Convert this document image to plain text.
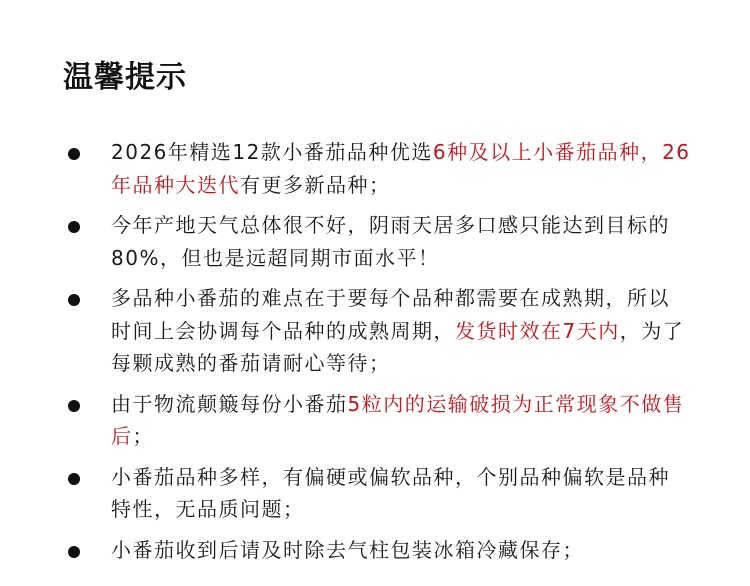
温馨提示
2026年精选12款小番茄品种优选6种及以上小番茄品种，26年品种大迭代有更多新品种；
今年产地天气总体很不好，阴雨天居多口感只能达到目标的80%，但也是远超同期市面水平！
多品种小番茄的难点在于要每个品种都需要在成熟期，所以时间上会协调每个品种的成熟周期，发货时效在7天内，为了每颗成熟的番茄请耐心等待；
由于物流颠簸每份小番茄5粒内的运输破损为正常现象不做售后；
小番茄品种多样，有偏硬或偏软品种，个别品种偏软是品种特性，无品质问题；
小番茄收到后请及时除去气柱包装冰箱冷藏保存；
